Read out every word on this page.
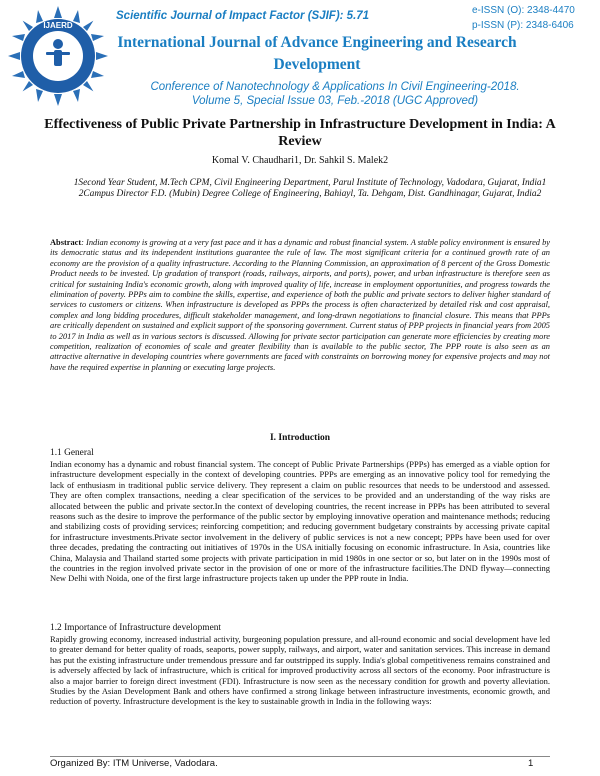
IJAERD
Scientific Journal of Impact Factor (SJIF): 5.71	e-ISSN (O): 2348-4470
p-ISSN (P): 2348-6406
International Journal of Advance Engineering and Research Development
Conference of Nanotechnology & Applications In Civil Engineering-2018.
Volume 5, Special Issue 03, Feb.-2018 (UGC Approved)
Effectiveness of Public Private Partnership in Infrastructure Development in India: A Review
Komal V. Chaudhari1, Dr. Sahkil S. Malek2
1Second Year Student, M.Tech CPM, Civil Engineering Department, Parul Institute of Technology, Vadodara, Gujarat, India1
2Campus Director F.D. (Mubin) Degree College of Engineering, Bahiayl, Ta. Dehgam, Dist. Gandhinagar, Gujarat, India2
Abstract: Indian economy is growing at a very fast pace and it has a dynamic and robust financial system. A stable policy environment is ensured by its democratic status and its independent institutions guarantee the rule of law. The most significant criteria for a continued growth rate of an economy are the provision of a quality infrastructure. According to the Planning Commission, an approximation of 8 percent of the Gross Domestic Product needs to be invested. Up gradation of transport (roads, railways, airports, and ports), power, and urban infrastructure is therefore seen as critical for sustaining India's economic growth, along with improved quality of life, increase in employment opportunities, and progress towards the elimination of poverty. PPPs aim to combine the skills, expertise, and experience of both the public and private sectors to deliver higher standard of services to customers or citizens. When infrastructure is developed as PPPs the process is often characterized by detailed risk and cost appraisal, complex and long bidding procedures, difficult stakeholder management, and long-drawn negotiations to financial closure. This means that PPPs are critically dependent on sustained and explicit support of the sponsoring government. Current status of PPP projects in financial years from 2005 to 2017 in India as well as in various sectors is discussed. Allowing for private sector participation can generate more efficiencies by creating more competition, realization of economies of scale and greater flexibility than is available to the public sector, The PPP route is also seen as an attractive alternative in developing countries where governments are faced with constraints on borrowing money for expensive projects and may not have the required expertise in planning or executing large projects.
I. Introduction
1.1 General
Indian economy has a dynamic and robust financial system. The concept of Public Private Partnerships (PPPs) has emerged as a viable option for infrastructure development especially in the context of developing countries. PPPs are emerging as an innovative policy tool for remedying the lack of enthusiasm in traditional public service delivery. They represent a claim on public resources that needs to be understood and assessed. They are often complex transactions, needing a clear specification of the services to be provided and an understanding of the way risks are allocated between the public and private sector.In the context of developing countries, the recent increase in PPPs has been attributed to several reasons such as the desire to improve the performance of the public sector by employing innovative operation and maintenance methods; reducing and stabilizing costs of providing services; reinforcing competition; and reducing government budgetary constraints by accessing private capital for infrastructure investments.Private sector involvement in the delivery of public services is not a new concept; PPPs have been used for over three decades, predating the contracting out initiatives of 1970s in the USA initially focusing on economic infrastructure. In Asia, countries like China, Malaysia and Thailand started some projects with private participation in mid 1980s in one sector or so, but later on in the 1990s most of the countries in the region involved private sector in the provision of one or more of the infrastructure facilities.The DND flyway—connecting New Delhi with Noida, one of the first large infrastructure projects taken up under the PPP route in India.
1.2 Importance of Infrastructure development
Rapidly growing economy, increased industrial activity, burgeoning population pressure, and all-round economic and social development have led to greater demand for better quality of roads, seaports, power supply, railways, and airport, water and sanitation services. This increase in demand has put the existing infrastructure under tremendous pressure and far outstripped its supply. India's global competitiveness remains constrained and is adversely affected by lack of infrastructure, which is critical for improved productivity across all sectors of the economy. Poor infrastructure is also a major barrier to foreign direct investment (FDI). Infrastructure is now seen as the necessary condition for growth and poverty alleviation. Studies by the Asian Development Bank and others have confirmed a strong linkage between infrastructure investments, economic growth, and reduction of poverty. Infrastructure development is the key to sustainable growth in India in the following ways:
Organized By: ITM Universe, Vadodara.	1
